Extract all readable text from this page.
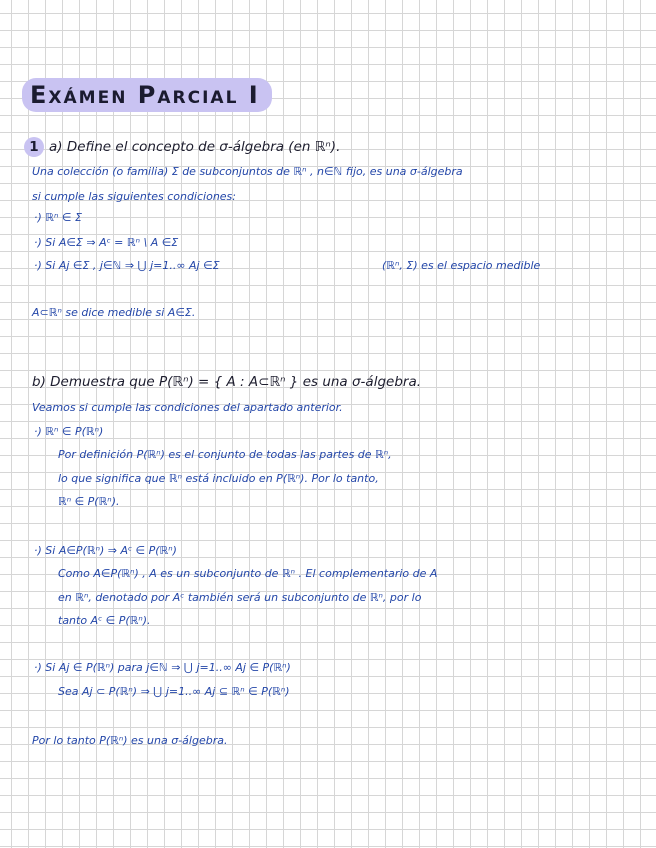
Exámen Parcial I
1 a) Define el concepto de σ-álgebra (en ℝⁿ).
Una colección (o familia) Σ de subconjuntos de ℝⁿ , n∈ℕ fijo, es una σ-álgebra
si cumple las siguientes condiciones:
·) ℝⁿ ∈ Σ
·) Si A∈Σ ⇒ Aᶜ = ℝⁿ \ A ∈Σ
·) Si Aj ∈Σ , j∈ℕ ⇒ ⋃ j=1..∞ Aj ∈Σ	(ℝⁿ, Σ) es el espacio medible
A⊂ℝⁿ se dice medible si A∈Σ.
b) Demuestra que P(ℝⁿ) = { A : A⊂ℝⁿ } es una σ-álgebra.
Veamos si cumple las condiciones del apartado anterior.
·) ℝⁿ ∈ P(ℝⁿ)
Por definición P(ℝⁿ) es el conjunto de todas las partes de ℝⁿ,
lo que significa que ℝⁿ está incluido en P(ℝⁿ). Por lo tanto,
ℝⁿ ∈ P(ℝⁿ).
·) Si A∈P(ℝⁿ) ⇒ Aᶜ ∈ P(ℝⁿ)
Como A∈P(ℝⁿ) , A es un subconjunto de ℝⁿ . El complementario de A
en ℝⁿ, denotado por Aᶜ también será un subconjunto de ℝⁿ, por lo
tanto Aᶜ ∈ P(ℝⁿ).
·) Si Aj ∈ P(ℝⁿ) para j∈ℕ ⇒ ⋃ j=1..∞ Aj ∈ P(ℝⁿ)
Sea Aj ⊂ P(ℝⁿ) ⇒ ⋃ j=1..∞ Aj ⊆ ℝⁿ ∈ P(ℝⁿ)
Por lo tanto P(ℝⁿ) es una σ-álgebra.
